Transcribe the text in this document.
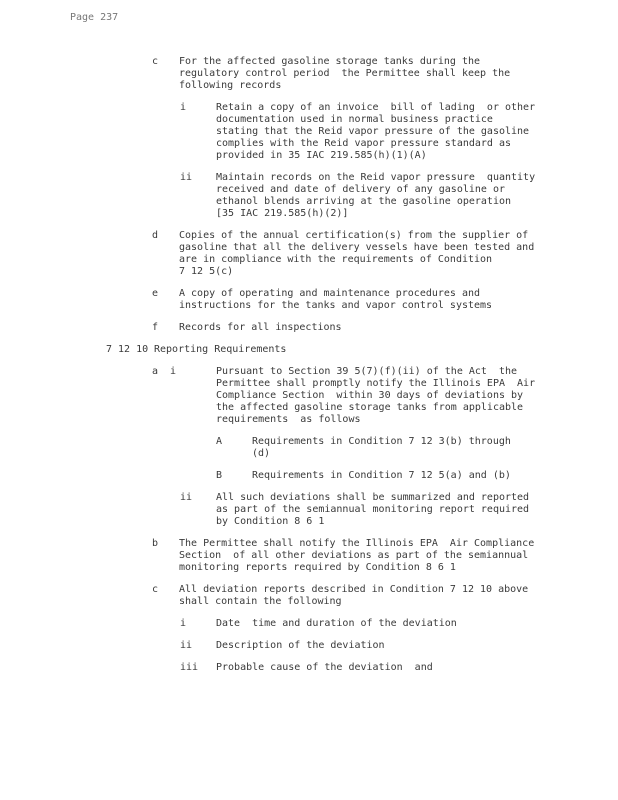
Page 237
c For the affected gasoline storage tanks during the
regulatory control period  the Permittee shall keep the
following records
i	Retain a copy of an invoice  bill of lading  or other
documentation used in normal business practice
stating that the Reid vapor pressure of the gasoline
complies with the Reid vapor pressure standard as
provided in 35 IAC 219.585(h)(1)(A)
ii Maintain records on the Reid vapor pressure  quantity
received and date of delivery of any gasoline or
ethanol blends arriving at the gasoline operation
[35 IAC 219.585(h)(2)]
d Copies of the annual certification(s) from the supplier of
gasoline that all the delivery vessels have been tested and
are in compliance with the requirements of Condition
7 12 5(c)
e A copy of operating and maintenance procedures and
instructions for the tanks and vapor control systems
f Records for all inspections
7 12 10 Reporting Requirements
a  i	Pursuant to Section 39 5(7)(f)(ii) of the Act  the
Permittee shall promptly notify the Illinois EPA  Air
Compliance Section  within 30 days of deviations by
the affected gasoline storage tanks from applicable
requirements  as follows
A	Requirements in Condition 7 12 3(b) through
(d)
B	Requirements in Condition 7 12 5(a) and (b)
ii All such deviations shall be summarized and reported
as part of the semiannual monitoring report required
by Condition 8 6 1
b The Permittee shall notify the Illinois EPA  Air Compliance
Section  of all other deviations as part of the semiannual
monitoring reports required by Condition 8 6 1
c All deviation reports described in Condition 7 12 10 above
shall contain the following
i	Date  time and duration of the deviation
ii Description of the deviation
iii Probable cause of the deviation  and
